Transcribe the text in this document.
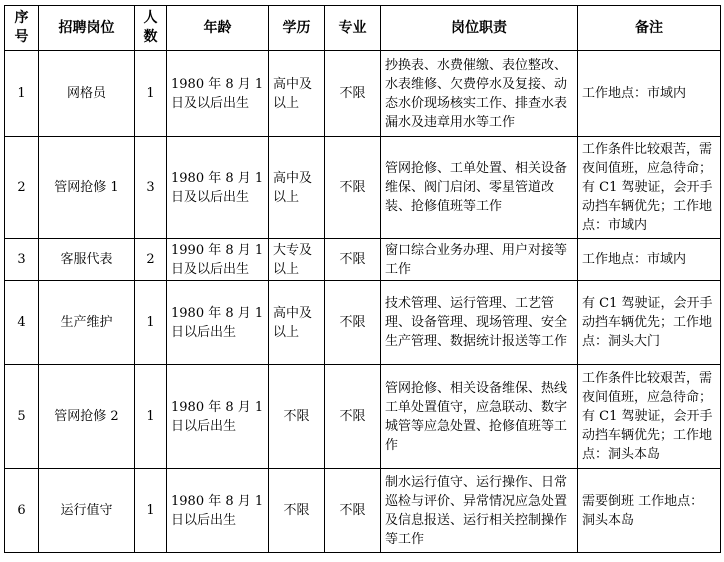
序号	招聘岗位	人数	年龄	学历	专业	岗位职责	备注
1	网格员	1	1980 年 8 月 1 日及以后出生	高中及以上	不限	抄换表、水费催缴、表位整改、水表维修、欠费停水及复接、动态水价现场核实工作、排查水表漏水及违章用水等工作	工作地点：市域内
2	管网抢修 1	3	1980 年 8 月 1 日及以后出生	高中及以上	不限	管网抢修、工单处置、相关设备维保、阀门启闭、零星管道改装、抢修值班等工作	工作条件比较艰苦，需夜间值班，应急待命；有 C1 驾驶证，会开手动挡车辆优先；工作地点：市域内
3	客服代表	2	1990 年 8 月 1 日及以后出生	大专及以上	不限	窗口综合业务办理、用户对接等工作	工作地点：市域内
4	生产维护	1	1980 年 8 月 1 日以后出生	高中及以上	不限	技术管理、运行管理、工艺管理、设备管理、现场管理、安全生产管理、数据统计报送等工作	有 C1 驾驶证，会开手动挡车辆优先；工作地点：洞头大门
5	管网抢修 2	1	1980 年 8 月 1 日以后出生	不限	不限	管网抢修、相关设备维保、热线工单处置值守，应急联动、数字城管等应急处置、抢修值班等工作	工作条件比较艰苦，需夜间值班，应急待命；有 C1 驾驶证，会开手动挡车辆优先；工作地点：洞头本岛
6	运行值守	1	1980 年 8 月 1 日以后出生	不限	不限	制水运行值守、运行操作、日常巡检与评价、异常情况应急处置及信息报送、运行相关控制操作等工作	需要倒班 工作地点：洞头本岛
